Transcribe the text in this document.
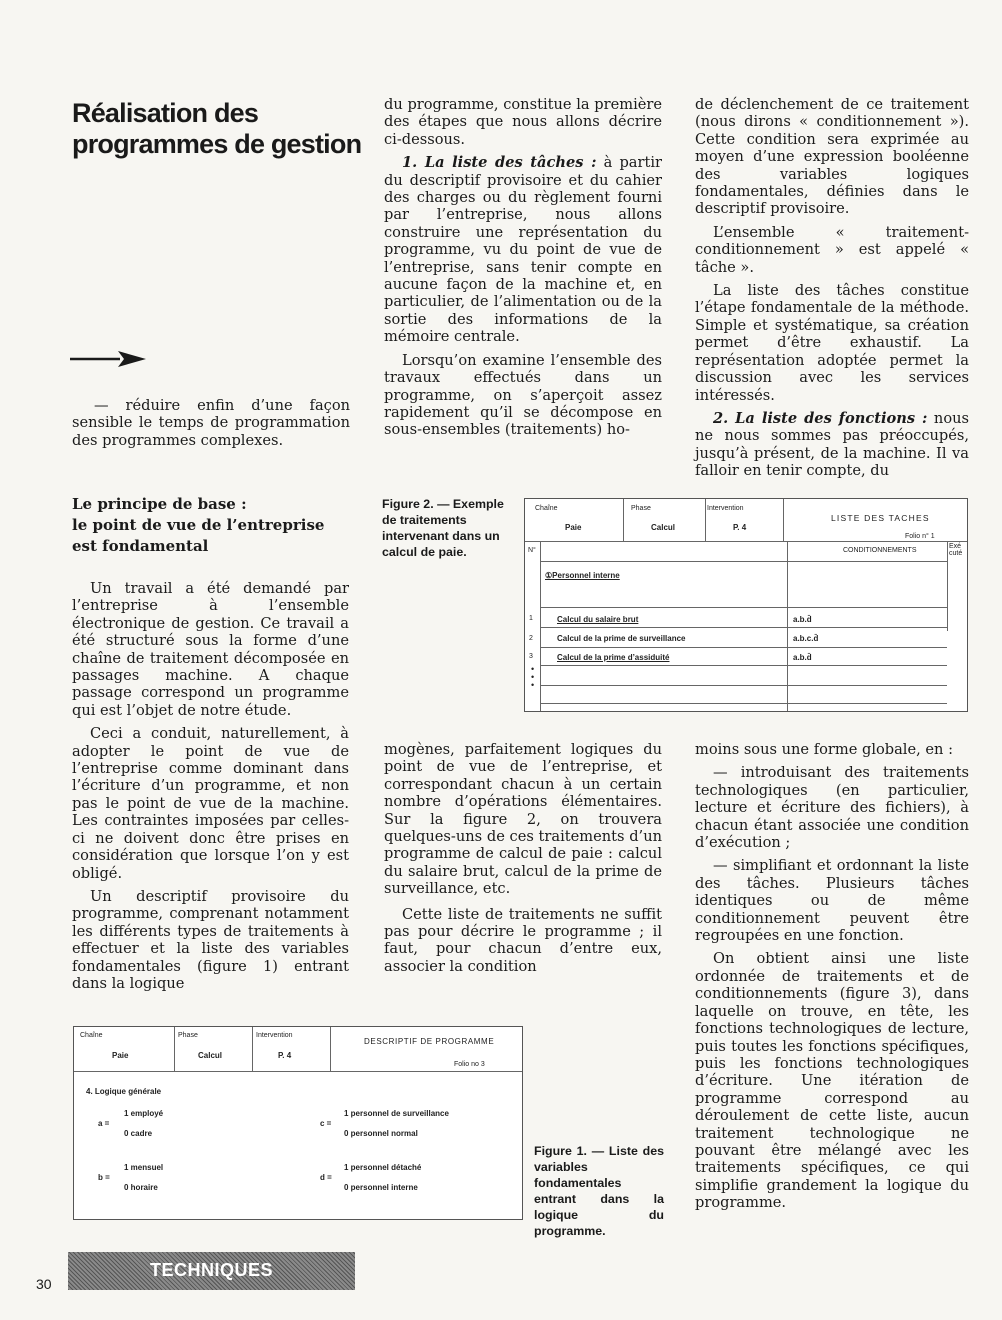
Réalisation des
programmes de gestion

— réduire enfin d’une façon sensible le temps de programmation des programmes complexes.

Le principe de base :
le point de vue de l’entreprise
est fondamental

Un travail a été demandé par l’entreprise à l’ensemble électronique de gestion. Ce travail a été structuré sous la forme d’une chaîne de traitement décomposée en passages machine. A chaque passage correspond un programme qui est l’objet de notre étude.

Ceci a conduit, naturellement, à adopter le point de vue de l’entreprise comme dominant dans l’écriture d’un programme, et non pas le point de vue de la machine. Les contraintes imposées par celles-ci ne doivent donc être prises en considération que lorsque l’on y est obligé.

Un descriptif provisoire du programme, comprenant notamment les différents types de traitements à effectuer et la liste des variables fondamentales (figure 1) entrant dans la logique

du programme, constitue la première des étapes que nous allons décrire ci-dessous.

1. La liste des tâches : à partir du descriptif provisoire et du cahier des charges ou du règlement fourni par l’entreprise, nous allons construire une représentation du programme, vu du point de vue de l’entreprise, sans tenir compte en aucune façon de la machine et, en particulier, de l’alimentation ou de la sortie des informations de la mémoire centrale.

Lorsqu’on examine l’ensemble des travaux effectués dans un programme, on s’aperçoit assez rapidement qu’il se décompose en sous-ensembles (traitements) ho-

de déclenchement de ce traitement (nous dirons « conditionnement »). Cette condition sera exprimée au moyen d’une expression booléenne des variables logiques fondamentales, définies dans le descriptif provisoire.

L’ensemble « traitement-conditionnement » est appelé « tâche ».

La liste des tâches constitue l’étape fondamentale de la méthode. Simple et systématique, sa création permet d’être exhaustif. La représentation adoptée permet la discussion avec les services intéressés.

2. La liste des fonctions : nous ne nous sommes pas préoccupés, jusqu’à présent, de la machine. Il va falloir en tenir compte, du

Figure 2. — Exemple de traitements intervenant dans un calcul de paie.
Chaîne
Paie
Phase
Calcul
Intervention
P. 4
LISTE DES TACHES
Folio n° 1
N°	CONDITIONNEMENTS
Exé cuté
①Personnel interne
1	Calcul du salaire brut	a.b.d̄
2	Calcul de la prime de surveillance	a.b.c.d̄
3	Calcul de la prime d’assiduité	a.b.d̄
•
•
•

mogènes, parfaitement logiques du point de vue de l’entreprise, et correspondant chacun à un certain nombre d’opérations élémentaires. Sur la figure 2, on trouvera quelques-uns de ces traitements d’un programme de calcul de paie : calcul du salaire brut, calcul de la prime de surveillance, etc.

Cette liste de traitements ne suffit pas pour décrire le programme ; il faut, pour chacun d’entre eux, associer la condition

moins sous une forme globale, en :

— introduisant des traitements technologiques (en particulier, lecture et écriture des fichiers), à chacun étant associée une condition d’exécution ;

— simplifiant et ordonnant la liste des tâches. Plusieurs tâches identiques ou de même conditionnement peuvent être regroupées en une fonction.

On obtient ainsi une liste ordonnée de traitements et de conditionnements (figure 3), dans laquelle on trouve, en tête, les fonctions technologiques de lecture, puis toutes les fonctions spécifiques, puis les fonctions technologiques d’écriture. Une itération de programme correspond au déroulement de cette liste, aucun traitement technologique ne pouvant être mélangé avec les traitements spécifiques, ce qui simplifie grandement la logique du programme.

Chaîne
Paie
Phase
Calcul
Intervention
P. 4
DESCRIPTIF DE PROGRAMME
Folio no 3
4. Logique générale
a =
1 employé
0 cadre
c =
1 personnel de surveillance
0 personnel normal
b =
1 mensuel
0 horaire
d =
1 personnel détaché
0 personnel interne
Figure 1. — Liste des variables fondamentales entrant dans la logique du programme.
TECHNIQUES
30
